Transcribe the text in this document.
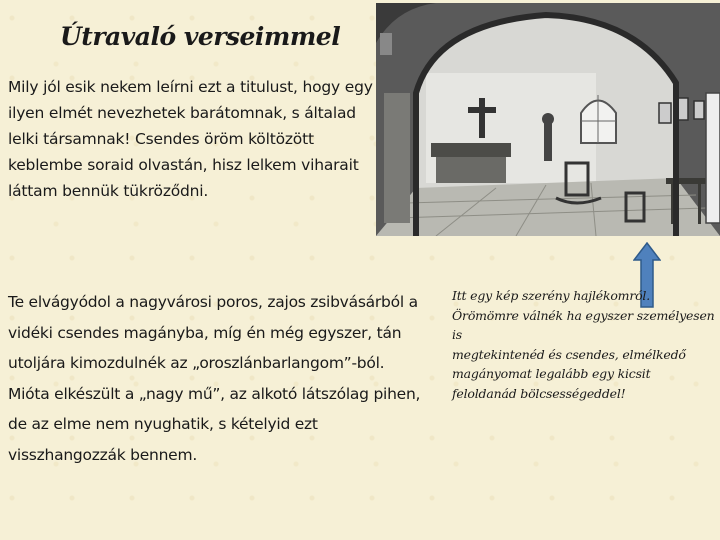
Útravaló verseimmel
Mily jól esik nekem leírni ezt a titulust, hogy egy
ilyen elmét nevezhetek barátomnak, s általad
lelki társamnak! Csendes öröm költözött
keblembe soraid olvastán, hisz lelkem viharait
láttam bennük tükröződni.
Te elvágyódol a nagyvárosi poros, zajos zsibvásárból a
vidéki csendes magányba, míg én még egyszer, tán
utoljára kimozdulnék az „oroszlánbarlangom”-ból.
Mióta elkészült a „nagy mű”, az alkotó látszólag pihen,
de az elme nem nyughatik, s kételyid ezt
visszhangozzák bennem.
Itt egy kép szerény hajlékomról.
Örömömre válnék ha egyszer személyesen
is
megtekintenéd és csendes, elmélkedő
magányomat legalább egy kicsit
feloldanád bölcsességeddel!
